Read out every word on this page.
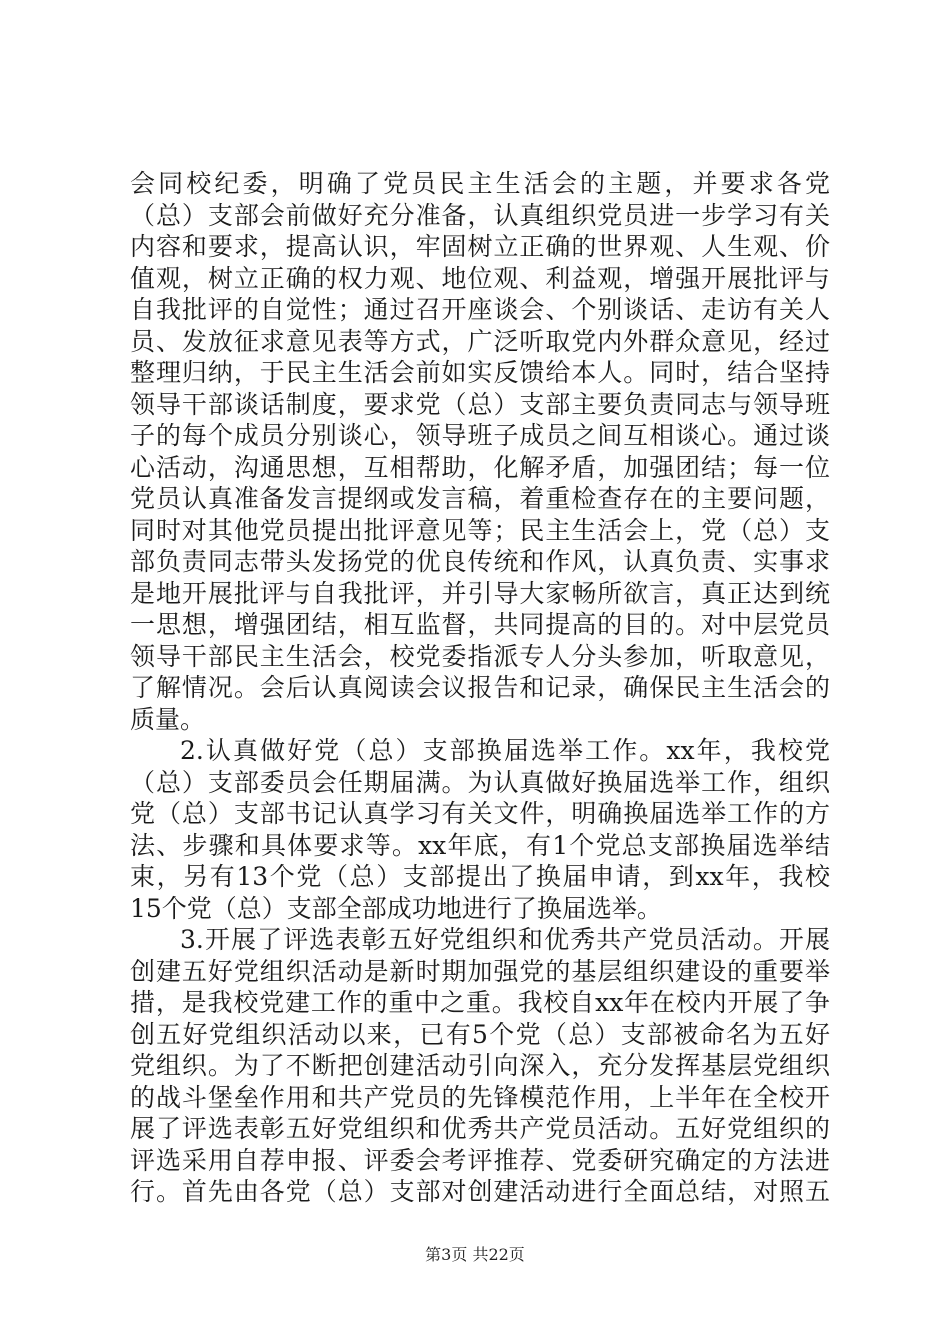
会同校纪委，明确了党员民主生活会的主题，并要求各党
（总）支部会前做好充分准备，认真组织党员进一步学习有关
内容和要求，提高认识，牢固树立正确的世界观、人生观、价
值观，树立正确的权力观、地位观、利益观，增强开展批评与
自我批评的自觉性；通过召开座谈会、个别谈话、走访有关人
员、发放征求意见表等方式，广泛听取党内外群众意见，经过
整理归纳，于民主生活会前如实反馈给本人。同时，结合坚持
领导干部谈话制度，要求党（总）支部主要负责同志与领导班
子的每个成员分别谈心，领导班子成员之间互相谈心。通过谈
心活动，沟通思想，互相帮助，化解矛盾，加强团结；每一位
党员认真准备发言提纲或发言稿，着重检查存在的主要问题，
同时对其他党员提出批评意见等；民主生活会上，党（总）支
部负责同志带头发扬党的优良传统和作风，认真负责、实事求
是地开展批评与自我批评，并引导大家畅所欲言，真正达到统
一思想，增强团结，相互监督，共同提高的目的。对中层党员
领导干部民主生活会，校党委指派专人分头参加，听取意见，
了解情况。会后认真阅读会议报告和记录，确保民主生活会的
质量。
2.认真做好党（总）支部换届选举工作。xx年，我校党
（总）支部委员会任期届满。为认真做好换届选举工作，组织
党（总）支部书记认真学习有关文件，明确换届选举工作的方
法、步骤和具体要求等。xx年底，有1个党总支部换届选举结
束，另有13个党（总）支部提出了换届申请，到xx年，我校
15个党（总）支部全部成功地进行了换届选举。
3.开展了评选表彰五好党组织和优秀共产党员活动。开展
创建五好党组织活动是新时期加强党的基层组织建设的重要举
措，是我校党建工作的重中之重。我校自xx年在校内开展了争
创五好党组织活动以来，已有5个党（总）支部被命名为五好
党组织。为了不断把创建活动引向深入，充分发挥基层党组织
的战斗堡垒作用和共产党员的先锋模范作用，上半年在全校开
展了评选表彰五好党组织和优秀共产党员活动。五好党组织的
评选采用自荐申报、评委会考评推荐、党委研究确定的方法进
行。首先由各党（总）支部对创建活动进行全面总结，对照五
第3页 共22页
